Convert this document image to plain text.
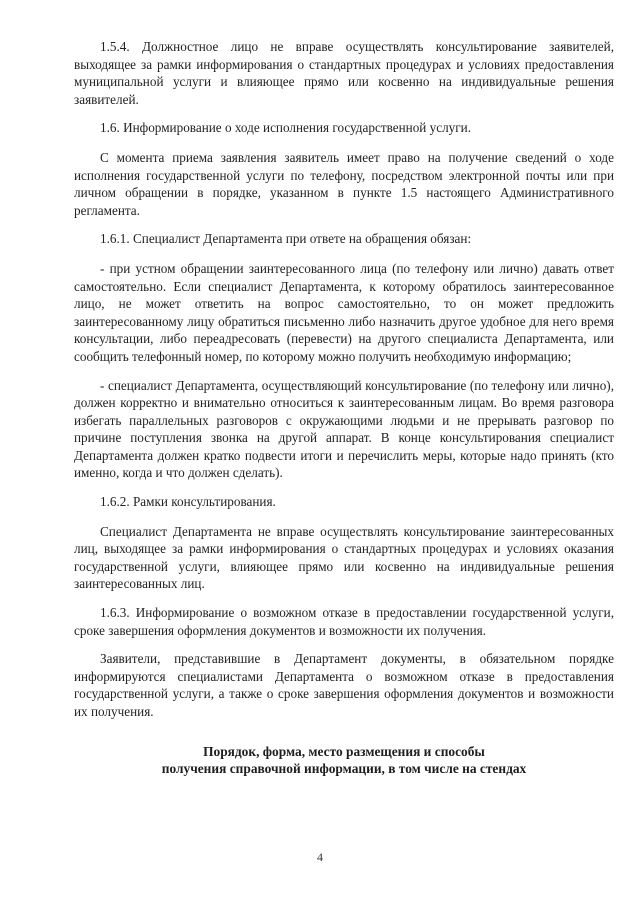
1.5.4. Должностное лицо не вправе осуществлять консультирование заявителей, выходящее за рамки информирования о стандартных процедурах и условиях предоставления муниципальной услуги и влияющее прямо или косвенно на индивидуальные решения заявителей.

1.6. Информирование о ходе исполнения государственной услуги.

С момента приема заявления заявитель имеет право на получение сведений о ходе исполнения государственной услуги по телефону, посредством электронной почты или при личном обращении в порядке, указанном в пункте 1.5 настоящего Административного регламента.

1.6.1. Специалист Департамента при ответе на обращения обязан:

- при устном обращении заинтересованного лица (по телефону или лично) давать ответ самостоятельно. Если специалист Департамента, к которому обратилось заинтересованное лицо, не может ответить на вопрос самостоятельно, то он может предложить заинтересованному лицу обратиться письменно либо назначить другое удобное для него время консультации, либо переадресовать (перевести) на другого специалиста Департамента, или сообщить телефонный номер, по которому можно получить необходимую информацию;

- специалист Департамента, осуществляющий консультирование (по телефону или лично), должен корректно и внимательно относиться к заинтересованным лицам. Во время разговора избегать параллельных разговоров с окружающими людьми и не прерывать разговор по причине поступления звонка на другой аппарат. В конце консультирования специалист Департамента должен кратко подвести итоги и перечислить меры, которые надо принять (кто именно, когда и что должен сделать).

1.6.2. Рамки консультирования.

Специалист Департамента не вправе осуществлять консультирование заинтересованных лиц, выходящее за рамки информирования о стандартных процедурах и условиях оказания государственной услуги, влияющее прямо или косвенно на индивидуальные решения заинтересованных лиц.

1.6.3. Информирование о возможном отказе в предоставлении государственной услуги, сроке завершения оформления документов и возможности их получения.

Заявители, представившие в Департамент документы, в обязательном порядке информируются специалистами Департамента о возможном отказе в предоставления государственной услуги, а также о сроке завершения оформления документов и возможности их получения.

Порядок, форма, место размещения и способы
получения справочной информации, в том числе на стендах
4
